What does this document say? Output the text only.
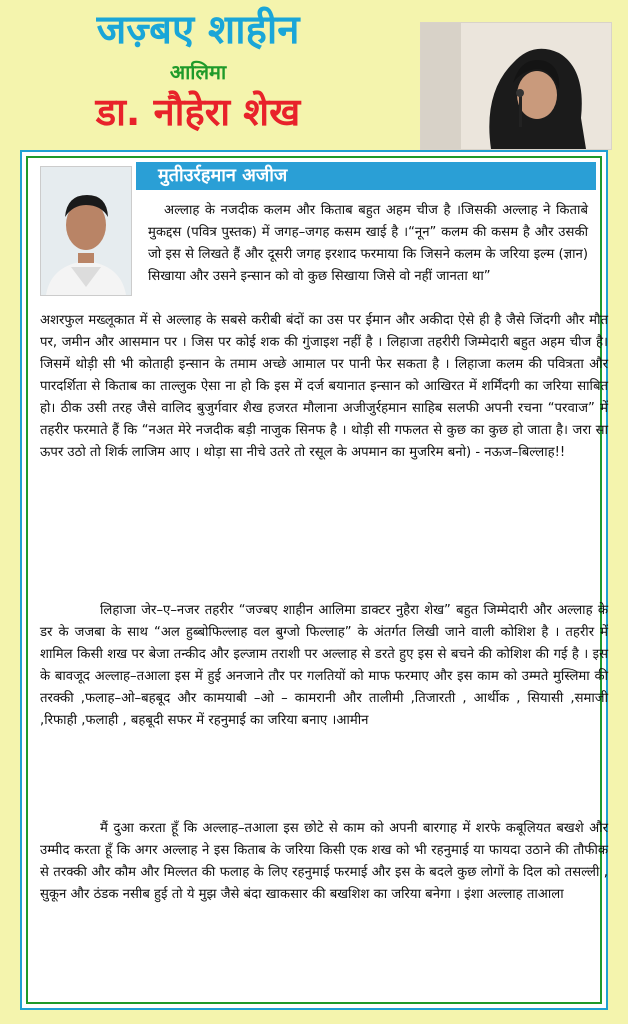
जज़्बए शाहीन
आलिमा
डा. नौहेरा शेख
मुतीउर्रहमान अजीज
अल्लाह के नजदीक कलम और किताब बहुत अहम चीज है ।जिसकी अल्लाह ने किताबे मुकद्दस (पवित्र पुस्तक) में जगह–जगह कसम खाई है ।“नून” कलम की कसम है और उसकी जो इस से लिखते हैं और दूसरी जगह इरशाद फरमाया कि जिसने कलम के जरिया इल्म (ज्ञान) सिखाया और उसने इन्सान को वो कुछ सिखाया जिसे वो नहीं जानता था”
अशरफुल मख्लूकात में से अल्लाह के सबसे करीबी बंदों का उस पर ईमान और अकीदा ऐसे ही है जैसे जिंदगी और मौत पर, जमीन और आसमान पर । जिस पर कोई शक की गुंजाइश नहीं है । लिहाजा तहरीरी जिम्मेदारी बहुत अहम चीज है। जिसमें थोड़ी सी भी कोताही इन्सान के तमाम अच्छे आमाल पर पानी फेर सकता है । लिहाजा कलम की पवित्रता और पारदर्शिता से किताब का ताल्लुक ऐसा ना हो कि इस में दर्ज बयानात इन्सान को आखिरत में शर्मिंदगी का जरिया साबित हो। ठीक उसी तरह जैसे वालिद बुजुर्गवार शैख हजरत मौलाना अजीजुर्रहमान साहिब सलफी अपनी रचना “परवाज” में तहरीर फरमाते हैं कि “नअत मेरे नजदीक बड़ी नाजुक सिनफ है । थोड़ी सी गफलत से कुछ का कुछ हो जाता है। जरा सा ऊपर उठो तो शिर्क लाजिम आए । थोड़ा सा नीचे उतरे तो रसूल के अपमान का मुजरिम बनो) - नऊज–बिल्लाह!!
लिहाजा जेर–ए–नजर तहरीर “जज्बए शाहीन आलिमा डाक्टर नुहैरा शेख” बहुत जिम्मेदारी और अल्लाह के डर के जजबा के साथ “अल हुब्बोफिल्लाह वल बुग्जो फिल्लाह” के अंतर्गत लिखी जाने वाली कोशिश है । तहरीर में शामिल किसी शख पर बेजा तन्कीद और इल्जाम तराशी पर अल्लाह से डरते हुए इस से बचने की कोशिश की गई है । इस के बावजूद अल्लाह–तआला इस में हुई अनजाने तौर पर गलतियों को माफ फरमाए और इस काम को उम्मते मुस्लिमा की तरक्की ,फलाह–ओ–बहबूद और कामयाबी –ओ – कामरानी और तालीमी ,तिजारती , आर्थीक , सियासी ,समाजी ,रिफाही ,फलाही , बहबूदी सफर में रहनुमाई का जरिया बनाए ।आमीन
मैं दुआ करता हूँ कि अल्लाह–तआला इस छोटे से काम को अपनी बारगाह में शरफे कबूलियत बखशे और उम्मीद करता हूँ कि अगर अल्लाह ने इस किताब के जरिया किसी एक शख को भी रहनुमाई या फायदा उठाने की तौफीक से तरक्की और कौम और मिल्लत की फलाह के लिए रहनुमाई फरमाई और इस के बदले कुछ लोगों के दिल को तसल्ली , सुकून और ठंडक नसीब हुई तो ये मुझ जैसे बंदा खाकसार की बखशिश का जरिया बनेगा । इंशा अल्लाह ताआला
